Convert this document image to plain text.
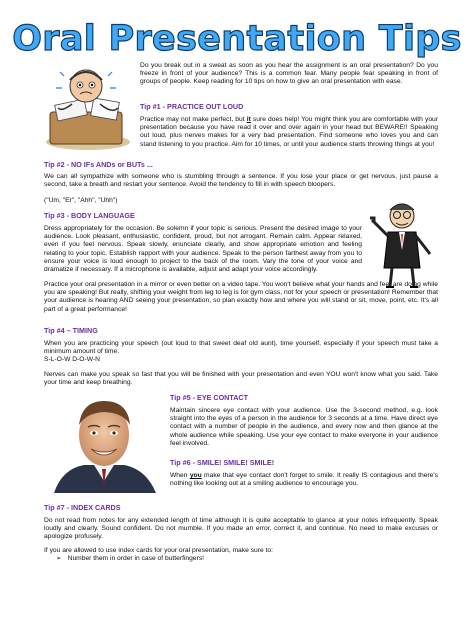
Oral Presentation Tips

Do you break out in a sweat as soon as you hear the assignment is an oral presentation? Do you freeze in front of your audience? This is a common fear. Many people fear speaking in front of groups of people. Keep reading for 10 tips on how to give an oral presentation with ease.

Tip #1 - PRACTICE OUT LOUD

Practice may not make perfect, but it sure does help! You might think you are comfortable with your presentation because you have read it over and over again in your head but BEWARE!! Speaking out loud, plus nerves makes for a very bad presentation. Find someone who loves you and can stand listening to you practice. Aim for 10 times, or until your audience starts throwing things at you!

Tip #2 - NO IFs ANDs or BUTs ...

We can all sympathize with someone who is stumbling through a sentence. If you lose your place or get nervous, just pause a second, take a breath and restart your sentence. Avoid the tendency to fill in with speech bloopers.

("Um, "Er", "Ahh", "Uhh")

Tip #3 - BODY LANGUAGE

Dress appropriately for the occasion. Be solemn if your topic is serious. Present the desired image to your audience. Look pleasant, enthusiastic, confident, proud, but not arrogant. Remain calm. Appear relaxed, even if you feel nervous. Speak slowly, enunciate clearly, and show appropriate emotion and feeling relating to your topic. Establish rapport with your audience. Speak to the person farthest away from you to ensure your voice is loud enough to project to the back of the room. Vary the tone of your voice and dramatize if necessary. If a microphone is available, adjust and adapt your voice accordingly.

Practice your oral presentation in a mirror or even better on a video tape. You won't believe what your hands and feet are doing while you are speaking! But really, shifting your weight from leg to leg is for gym class, not for your speech or presentation! Remember that your audience is hearing AND seeing your presentation, so plan exactly how and where you will stand or sit, move, point, etc. It's all part of a great performance!

Tip #4 – TIMING

When you are practicing your speech (out loud to that sweet deaf old aunt), time yourself, especially if your speech must take a minimum amount of time.

S-L-O-W D-O-W-N

Nerves can make you speak so fast that you will be finished with your presentation and even YOU won't know what you said. Take your time and keep breathing.

Tip #5 - EYE CONTACT

Maintain sincere eye contact with your audience. Use the 3-second method, e.g. look straight into the eyes of a person in the audience for 3 seconds at a time. Have direct eye contact with a number of people in the audience, and every now and then glance at the whole audience while speaking. Use your eye contact to make everyone in your audience feel involved.

Tip #6 - SMILE! SMILE! SMILE!

When you make that eye contact don't forget to smile. It really IS contagious and there's nothing like looking out at a smiling audience to encourage you.

Tip #7 - INDEX CARDS

Do not read from notes for any extended length of time although it is quite acceptable to glance at your notes infrequently. Speak loudly and clearly. Sound confident. Do not mumble. If you made an error, correct it, and continue. No need to make excuses or apologize profusely.

If you are allowed to use index cards for your oral presentation, make sure to:

➢ Number them in order in case of butterfingers!
